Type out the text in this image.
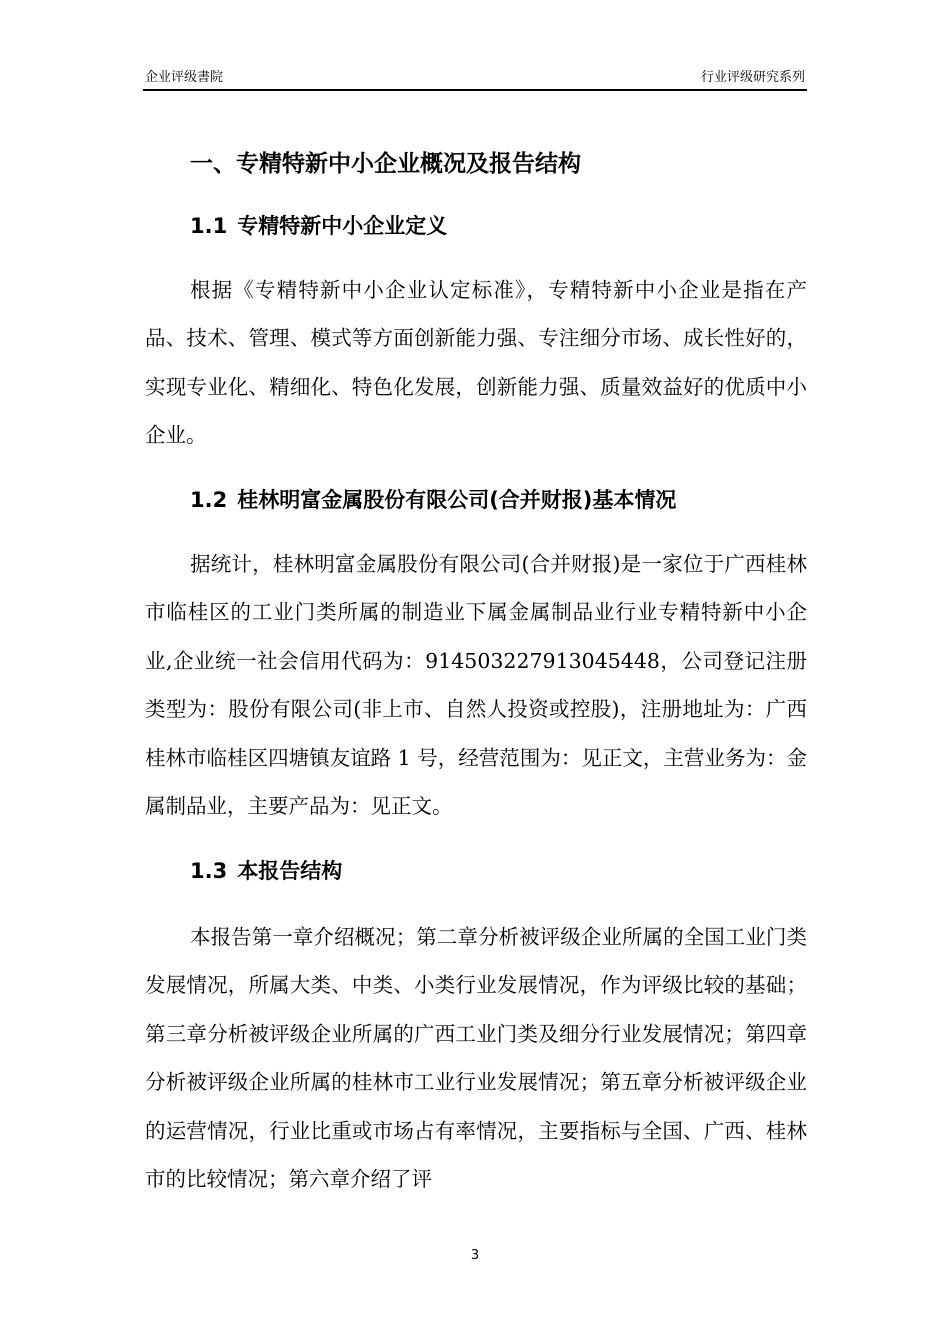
企业评级書院	行业评级研究系列
一、专精特新中小企业概况及报告结构
1.1 专精特新中小企业定义

根据《专精特新中小企业认定标准》，专精特新中小企业是指在产品、技术、管理、模式等方面创新能力强、专注细分市场、成长性好的，实现专业化、精细化、特色化发展，创新能力强、质量效益好的优质中小企业。

1.2 桂林明富金属股份有限公司(合并财报)基本情况

据统计，桂林明富金属股份有限公司(合并财报)是一家位于广西桂林市临桂区的工业门类所属的制造业下属金属制品业行业专精特新中小企业,企业统一社会信用代码为：914503227913045448，公司登记注册类型为：股份有限公司(非上市、自然人投资或控股)，注册地址为：广西桂林市临桂区四塘镇友谊路 1 号，经营范围为：见正文，主营业务为：金属制品业，主要产品为：见正文。

1.3 本报告结构

本报告第一章介绍概况；第二章分析被评级企业所属的全国工业门类发展情况，所属大类、中类、小类行业发展情况，作为评级比较的基础；第三章分析被评级企业所属的广西工业门类及细分行业发展情况；第四章分析被评级企业所属的桂林市工业行业发展情况；第五章分析被评级企业的运营情况，行业比重或市场占有率情况，主要指标与全国、广西、桂林市的比较情况；第六章介绍了评

3
